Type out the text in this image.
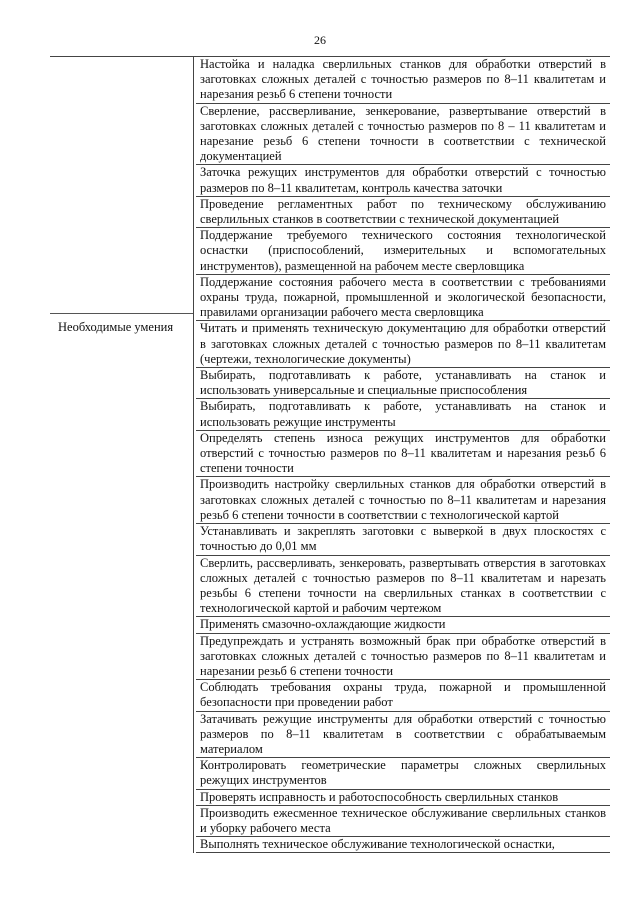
26
Необходимые умения
Настойка и наладка сверлильных станков для обработки отверстий в заготовках сложных деталей с точностью размеров по 8–11 квалитетам и нарезания резьб 6 степени точности
Сверление, рассверливание, зенкерование, развертывание отверстий в заготовках сложных деталей с точностью размеров по 8 – 11 квалитетам и нарезание резьб 6 степени точности в соответствии с технической документацией
Заточка режущих инструментов для обработки отверстий с точностью размеров по 8–11 квалитетам, контроль качества заточки
Проведение регламентных работ по техническому обслуживанию сверлильных станков в соответствии с технической документацией
Поддержание требуемого технического состояния технологической оснастки (приспособлений, измерительных и вспомогательных инструментов), размещенной на рабочем месте сверловщика
Поддержание состояния рабочего места в соответствии с требованиями охраны труда, пожарной, промышленной и экологической безопасности, правилами организации рабочего места сверловщика
Читать и применять техническую документацию для обработки отверстий в заготовках сложных деталей с точностью размеров по 8–11 квалитетам (чертежи, технологические документы)
Выбирать, подготавливать к работе, устанавливать на станок и использовать универсальные и специальные приспособления
Выбирать, подготавливать к работе, устанавливать на станок и использовать режущие инструменты
Определять степень износа режущих инструментов для обработки отверстий с точностью размеров по 8–11 квалитетам и нарезания резьб 6 степени точности
Производить настройку сверлильных станков для обработки отверстий в заготовках сложных деталей с точностью по 8–11 квалитетам и нарезания резьб 6 степени точности в соответствии с технологической картой
Устанавливать и закреплять заготовки с выверкой в двух плоскостях с точностью до 0,01 мм
Сверлить, рассверливать, зенкеровать, развертывать отверстия в заготовках сложных деталей с точностью размеров по 8–11 квалитетам и нарезать резьбы 6 степени точности на сверлильных станках в соответствии с технологической картой и рабочим чертежом
Применять смазочно-охлаждающие жидкости
Предупреждать и устранять возможный брак при обработке отверстий в заготовках сложных деталей с точностью размеров по 8–11 квалитетам и нарезании резьб 6 степени точности
Соблюдать требования охраны труда, пожарной и промышленной безопасности при проведении работ
Затачивать режущие инструменты для обработки отверстий с точностью размеров по 8–11 квалитетам в соответствии с обрабатываемым материалом
Контролировать геометрические параметры сложных сверлильных режущих инструментов
Проверять исправность и работоспособность сверлильных станков
Производить ежесменное техническое обслуживание сверлильных станков и уборку рабочего места
Выполнять техническое обслуживание технологической оснастки,
